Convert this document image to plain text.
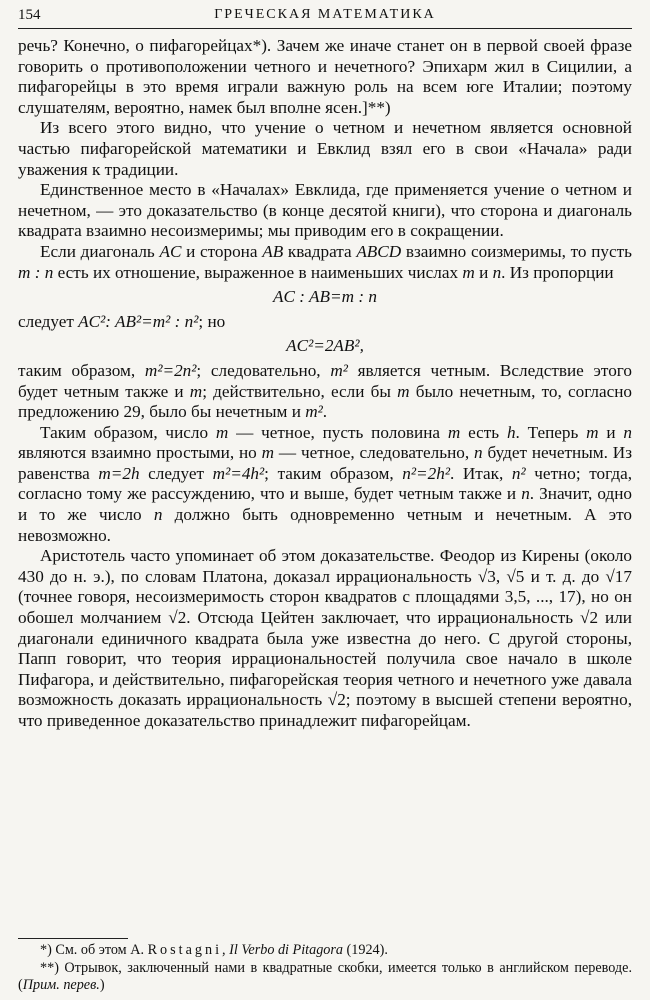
154	ГРЕЧЕСКАЯ МАТЕМАТИКА

речь? Конечно, о пифагорейцах*). Зачем же иначе станет он в первой своей фразе говорить о противоположении четного и нечетного? Эпихарм жил в Сицилии, а пифагорейцы в это время играли важную роль на всем юге Италии; поэтому слушателям, вероятно, намек был вполне ясен.]**)

Из всего этого видно, что учение о четном и нечетном является основной частью пифагорейской математики и Евклид взял его в свои «Начала» ради уважения к традиции.

Единственное место в «Началах» Евклида, где применяется учение о четном и нечетном, — это доказательство (в конце десятой книги), что сторона и диагональ квадрата взаимно несоизмеримы; мы приводим его в сокращении.

Если диагональ AC и сторона AB квадрата ABCD взаимно соизмеримы, то пусть m : n есть их отношение, выраженное в наименьших числах m и n. Из пропорции

AC : AB=m : n

следует AC²: AB²=m² : n²; но

AC²=2AB²,

таким образом, m²=2n²; следовательно, m² является четным. Вследствие этого будет четным также и m; действительно, если бы m было нечетным, то, согласно предложению 29, было бы нечетным и m².

Таким образом, число m — четное, пусть половина m есть h. Теперь m и n являются взаимно простыми, но m — четное, следовательно, n будет нечетным. Из равенства m=2h следует m²=4h²; таким образом, n²=2h². Итак, n² четно; тогда, согласно тому же рассуждению, что и выше, будет четным также и n. Значит, одно и то же число n должно быть одновременно четным и нечетным. А это невозможно.

Аристотель часто упоминает об этом доказательстве. Феодор из Кирены (около 430 до н. э.), по словам Платона, доказал иррациональность √3, √5 и т. д. до √17 (точнее говоря, несоизмеримость сторон квадратов с площадями 3,5, ..., 17), но он обошел молчанием √2. Отсюда Цейтен заключает, что иррациональность √2 или диагонали единичного квадрата была уже известна до него. С другой стороны, Папп говорит, что теория иррациональностей получила свое начало в школе Пифагора, и действительно, пифагорейская теория четного и нечетного уже давала возможность доказать иррациональность √2; поэтому в высшей степени вероятно, что приведенное доказательство принадлежит пифагорейцам.

*) См. об этом А. Rostagni, Il Verbo di Pitagora (1924).

**) Отрывок, заключенный нами в квадратные скобки, имеется только в английском переводе. (Прим. перев.)
